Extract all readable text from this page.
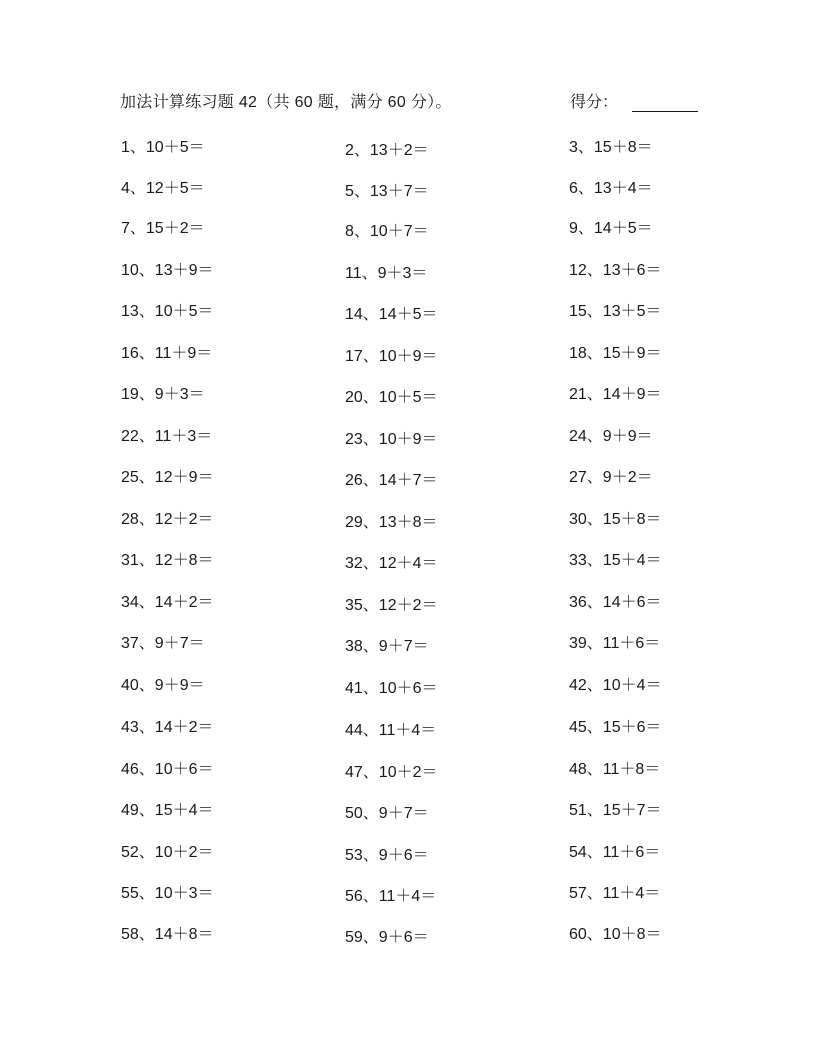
加法计算练习题 42（共 60 题，满分 60 分）。	得分：
1、10＋5＝	2、13＋2＝	3、15＋8＝
4、12＋5＝	5、13＋7＝	6、13＋4＝
7、15＋2＝	8、10＋7＝	9、14＋5＝
10、13＋9＝	11、9＋3＝	12、13＋6＝
13、10＋5＝	14、14＋5＝	15、13＋5＝
16、11＋9＝	17、10＋9＝	18、15＋9＝
19、9＋3＝	20、10＋5＝	21、14＋9＝
22、11＋3＝	23、10＋9＝	24、9＋9＝
25、12＋9＝	26、14＋7＝	27、9＋2＝
28、12＋2＝	29、13＋8＝	30、15＋8＝
31、12＋8＝	32、12＋4＝	33、15＋4＝
34、14＋2＝	35、12＋2＝	36、14＋6＝
37、9＋7＝	38、9＋7＝	39、11＋6＝
40、9＋9＝	41、10＋6＝	42、10＋4＝
43、14＋2＝	44、11＋4＝	45、15＋6＝
46、10＋6＝	47、10＋2＝	48、11＋8＝
49、15＋4＝	50、9＋7＝	51、15＋7＝
52、10＋2＝	53、9＋6＝	54、11＋6＝
55、10＋3＝	56、11＋4＝	57、11＋4＝
58、14＋8＝	59、9＋6＝	60、10＋8＝
